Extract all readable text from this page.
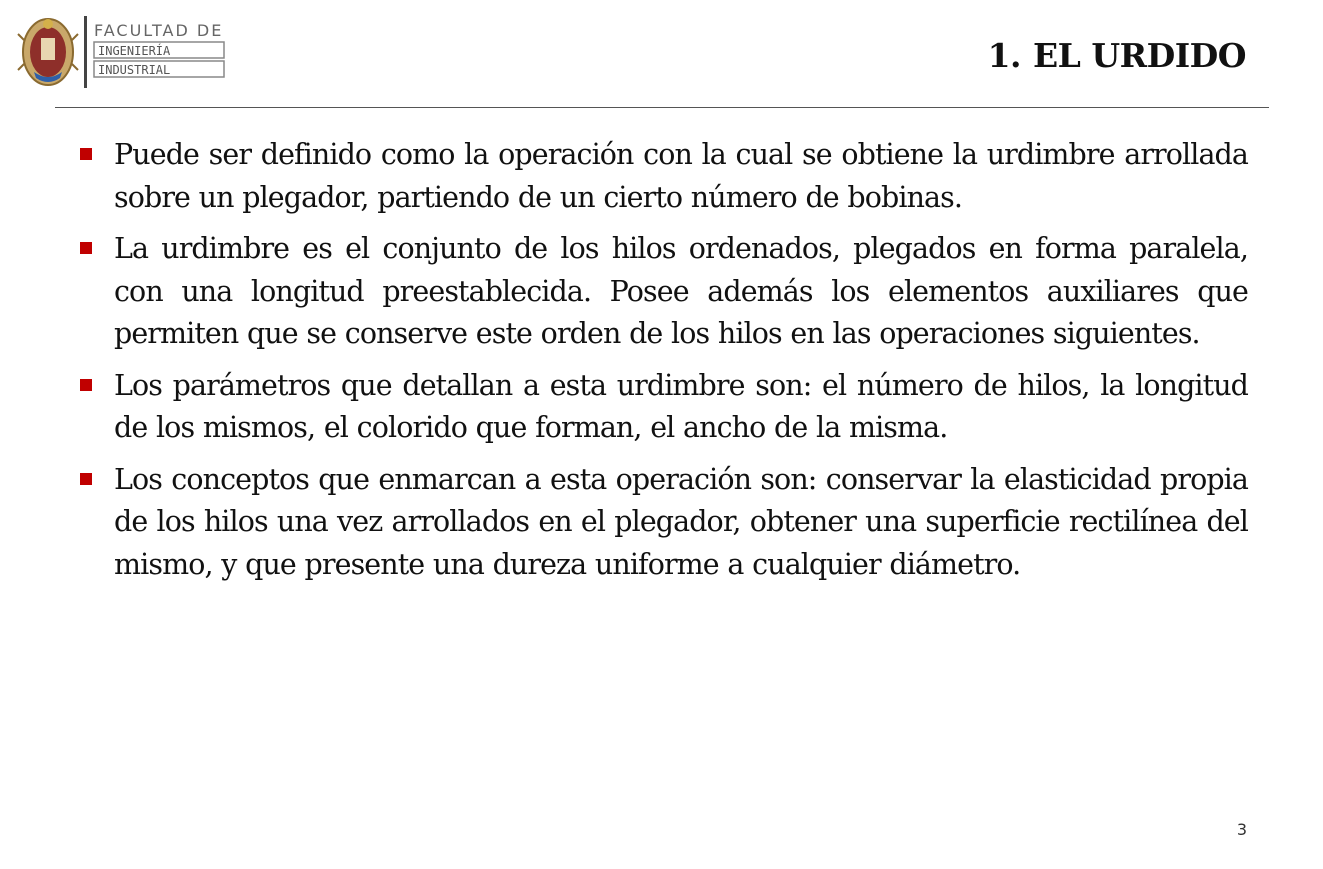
FACULTAD DE
INGENIERÍA
INDUSTRIAL	1. EL URDIDO
Puede ser definido como la operación con la cual se obtiene la urdimbre arrollada sobre un plegador, partiendo de un cierto número de bobinas.
La urdimbre es el conjunto de los hilos ordenados, plegados en forma paralela, con una longitud preestablecida. Posee además los elementos auxiliares que permiten que se conserve este orden de los hilos en las operaciones siguientes.
Los parámetros que detallan a esta urdimbre son: el número de hilos, la longitud de los mismos, el colorido que forman, el ancho de la misma.
Los conceptos que enmarcan a esta operación son: conservar la elasticidad propia de los hilos una vez arrollados en el plegador, obtener una superficie rectilínea del mismo, y que presente una dureza uniforme a cualquier diámetro.
3
